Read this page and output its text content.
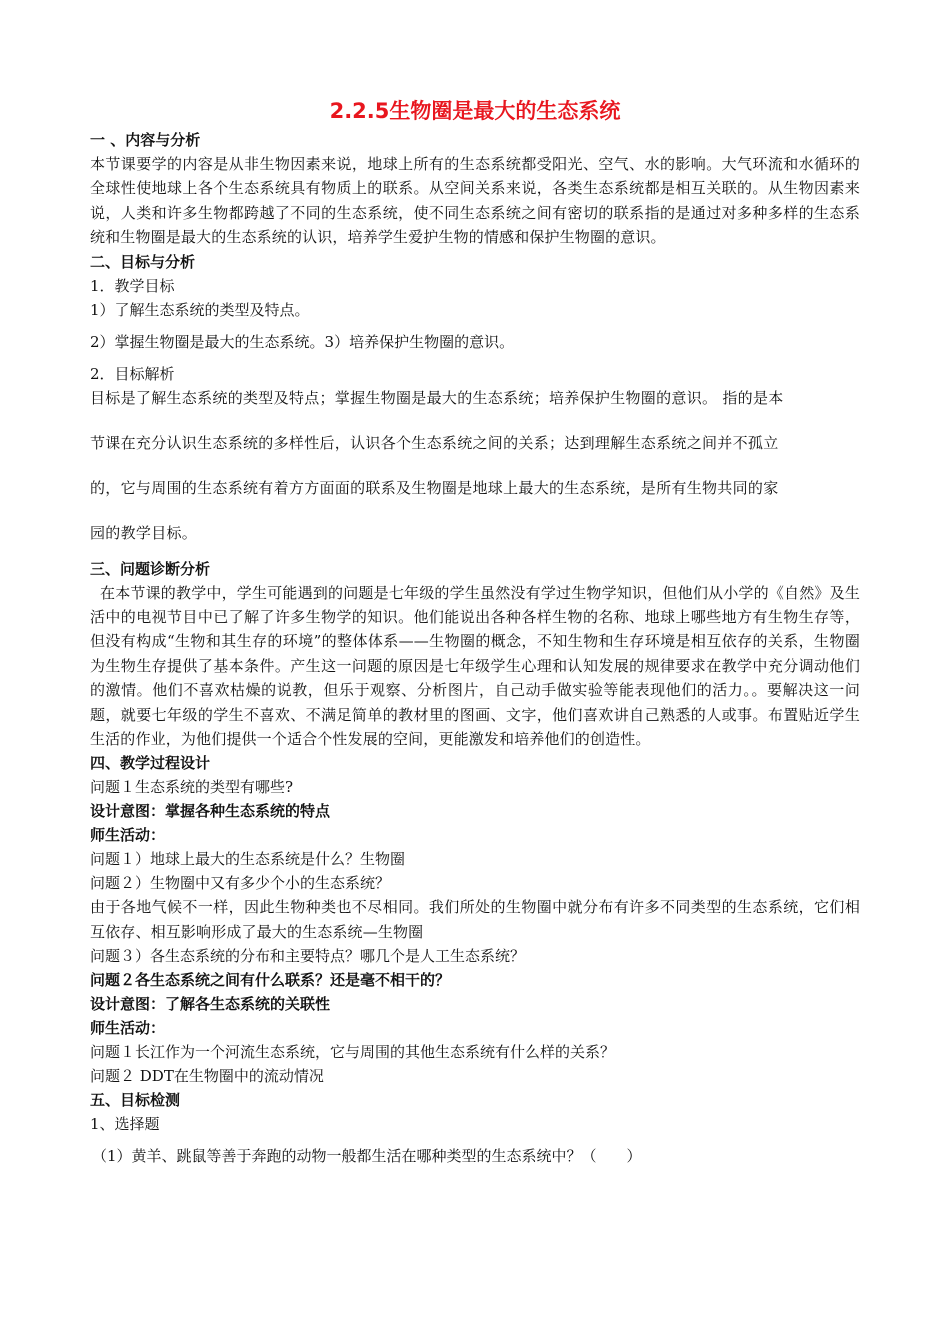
2.2.5生物圈是最大的生态系统
一 、内容与分析
本节课要学的内容是从非生物因素来说，地球上所有的生态系统都受阳光、空气、水的影响。大气环流和水循环的全球性使地球上各个生态系统具有物质上的联系。从空间关系来说，各类生态系统都是相互关联的。从生物因素来说，人类和许多生物都跨越了不同的生态系统，使不同生态系统之间有密切的联系指的是通过对多种多样的生态系统和生物圈是最大的生态系统的认识，培养学生爱护生物的情感和保护生物圈的意识。
二、目标与分析
1．教学目标
1）了解生态系统的类型及特点。
2）掌握生物圈是最大的生态系统。3）培养保护生物圈的意识。
2．目标解析
目标是了解生态系统的类型及特点；掌握生物圈是最大的生态系统；培养保护生物圈的意识。 指的是本
节课在充分认识生态系统的多样性后，认识各个生态系统之间的关系；达到理解生态系统之间并不孤立
的，它与周围的生态系统有着方方面面的联系及生物圈是地球上最大的生态系统，是所有生物共同的家
园的教学目标。
三、问题诊断分析
在本节课的教学中，学生可能遇到的问题是七年级的学生虽然没有学过生物学知识，但他们从小学的《自然》及生活中的电视节目中已了解了许多生物学的知识。他们能说出各种各样生物的名称、地球上哪些地方有生物生存等，但没有构成“生物和其生存的环境”的整体体系——生物圈的概念，不知生物和生存环境是相互依存的关系，生物圈为生物生存提供了基本条件。产生这一问题的原因是七年级学生心理和认知发展的规律要求在教学中充分调动他们的激情。他们不喜欢枯燥的说教，但乐于观察、分析图片，自己动手做实验等能表现他们的活力。。要解决这一问题，就要七年级的学生不喜欢、不满足简单的教材里的图画、文字，他们喜欢讲自己熟悉的人或事。布置贴近学生生活的作业，为他们提供一个适合个性发展的空间，更能激发和培养他们的创造性。
四、教学过程设计
问题１生态系统的类型有哪些?
设计意图：掌握各种生态系统的特点
师生活动：
问题１）地球上最大的生态系统是什么？生物圈
问题２）生物圈中又有多少个小的生态系统？
由于各地气候不一样，因此生物种类也不尽相同。我们所处的生物圈中就分布有许多不同类型的生态系统，它们相互依存、相互影响形成了最大的生态系统—生物圈
问题３）各生态系统的分布和主要特点？哪几个是人工生态系统？
问题２各生态系统之间有什么联系？还是毫不相干的？
设计意图：了解各生态系统的关联性
师生活动：
问题１长江作为一个河流生态系统，它与周围的其他生态系统有什么样的关系？
问题２ DDT在生物圈中的流动情况
五、目标检测
1、选择题
（1）黄羊、跳鼠等善于奔跑的动物一般都生活在哪种类型的生态系统中？（　　）
